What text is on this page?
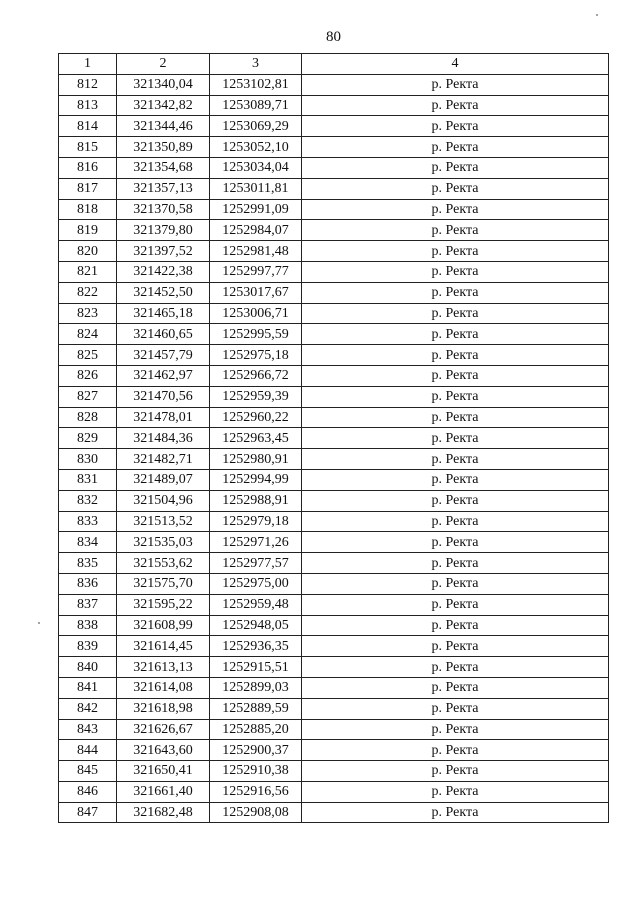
80
1	2	3	4
812	321340,04	1253102,81	р. Ректа
813	321342,82	1253089,71	р. Ректа
814	321344,46	1253069,29	р. Ректа
815	321350,89	1253052,10	р. Ректа
816	321354,68	1253034,04	р. Ректа
817	321357,13	1253011,81	р. Ректа
818	321370,58	1252991,09	р. Ректа
819	321379,80	1252984,07	р. Ректа
820	321397,52	1252981,48	р. Ректа
821	321422,38	1252997,77	р. Ректа
822	321452,50	1253017,67	р. Ректа
823	321465,18	1253006,71	р. Ректа
824	321460,65	1252995,59	р. Ректа
825	321457,79	1252975,18	р. Ректа
826	321462,97	1252966,72	р. Ректа
827	321470,56	1252959,39	р. Ректа
828	321478,01	1252960,22	р. Ректа
829	321484,36	1252963,45	р. Ректа
830	321482,71	1252980,91	р. Ректа
831	321489,07	1252994,99	р. Ректа
832	321504,96	1252988,91	р. Ректа
833	321513,52	1252979,18	р. Ректа
834	321535,03	1252971,26	р. Ректа
835	321553,62	1252977,57	р. Ректа
836	321575,70	1252975,00	р. Ректа
837	321595,22	1252959,48	р. Ректа
838	321608,99	1252948,05	р. Ректа
839	321614,45	1252936,35	р. Ректа
840	321613,13	1252915,51	р. Ректа
841	321614,08	1252899,03	р. Ректа
842	321618,98	1252889,59	р. Ректа
843	321626,67	1252885,20	р. Ректа
844	321643,60	1252900,37	р. Ректа
845	321650,41	1252910,38	р. Ректа
846	321661,40	1252916,56	р. Ректа
847	321682,48	1252908,08	р. Ректа
